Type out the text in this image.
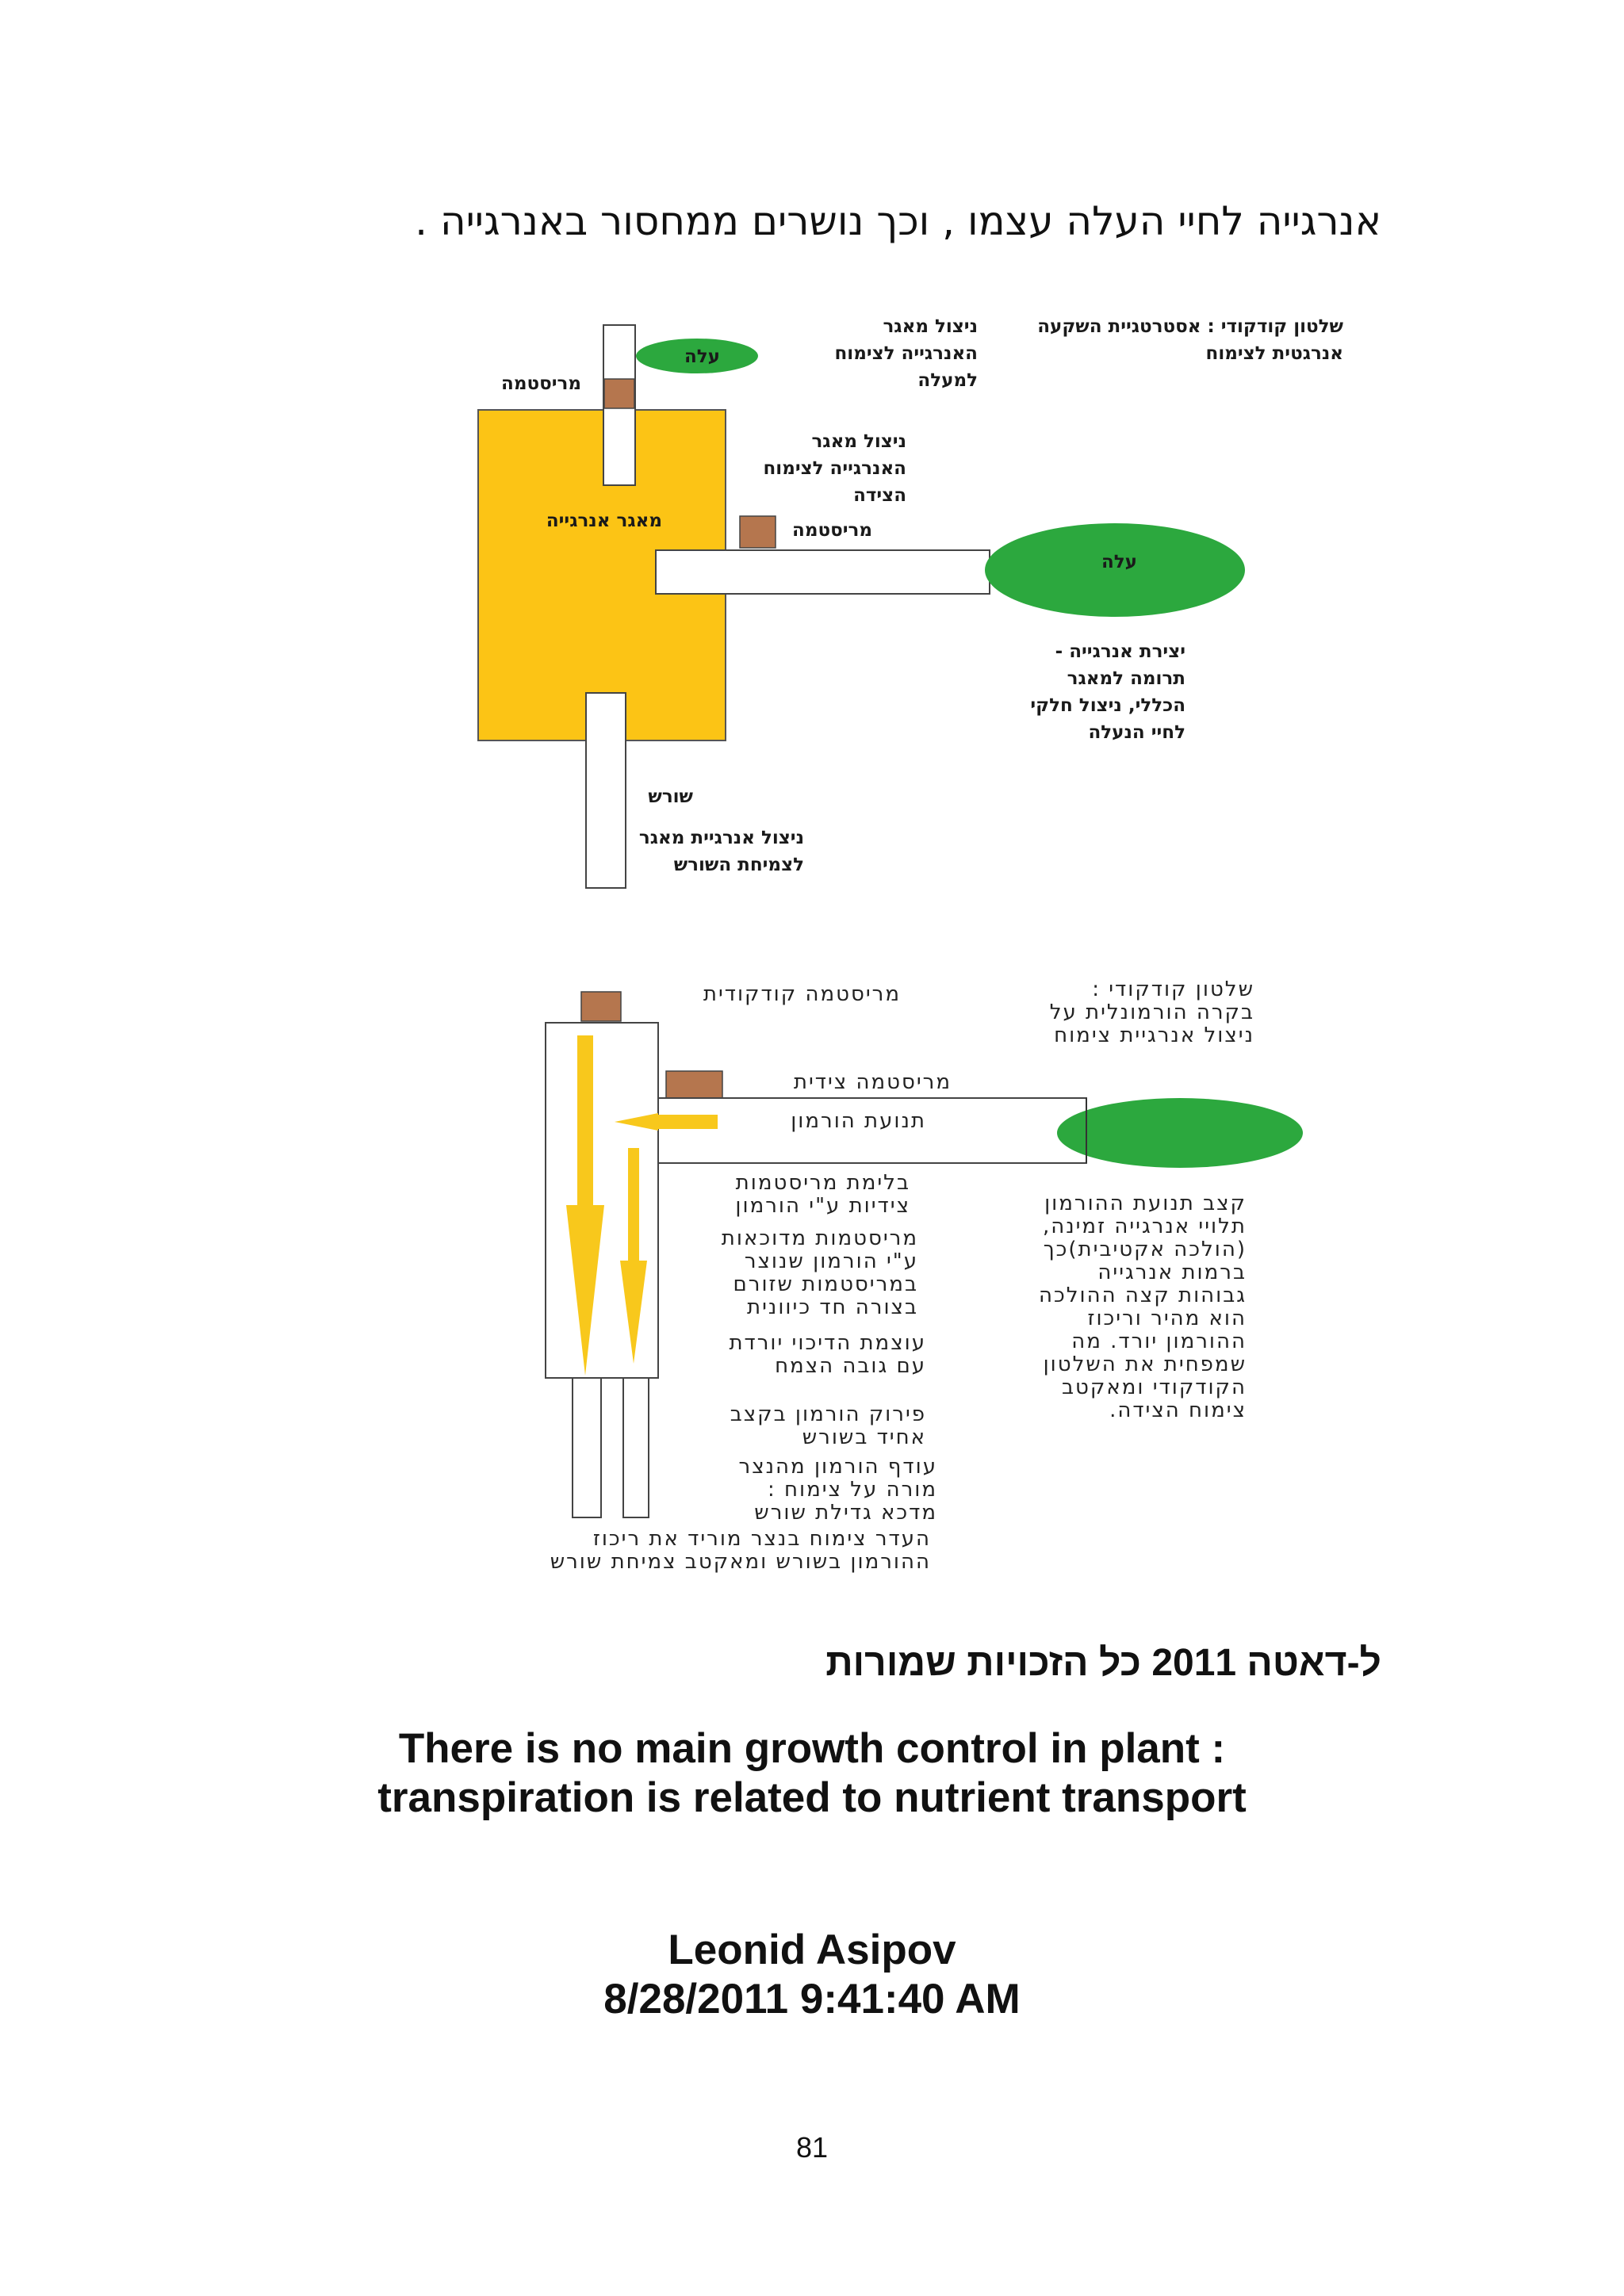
אנרגייה לחיי העלה עצמו , וכך נושרים ממחסור באנרגייה .
עלה
מריסטמה
מאגר אנרגייה	מריסטמה
עלה
שורש
ניצול מאגר
האנרגייה לצימוח
למעלה
שלטון קודקודי : אסטרטגיית השקעה
אנרגטית לצימוח
ניצול מאגר
האנרגייה לצימוח
הצידה
יצירת אנרגייה -
תרומה למאגר
הכללי, ניצול חלקי
לחיי הנעלה
ניצול אנרגיית מאגר
לצמיחת השורש
מריסטמה קודקודית	שלטון קודקודי :
בקרה הורמונלית על
ניצול אנרגיית צימוח
מריסטמה צידית
תנועת הורמון
בלימת מריסטמות
צידיות ע"י הורמון
מריסטמות מדוכאות
ע"י הורמון שנוצר
במריסטמות שזורם
בצורה חד כיוונית
עוצמת הדיכוי יורדת
עם גובה הצמח
קצב תנועת ההורמון
תלויי אנרגייה זמינה,
(הולכה אקטיבית)כך
ברמות אנרגייה
גבוהות קצה ההולכה
הוא מהיר וריכוז
ההורמון יורד. מה
שמפחית את השלטון
הקודקודי ומאקטב
צימוח הצידה.
פירוק הורמון בקצב
אחיד בשורש
עודף הורמון מהנצר
מורה על צימוח :
מדכא גדילת שורש
העדר צימוח בנצר מוריד את ריכוז
ההורמון בשורש ומאקטב צמיחת שורש
ל-דאטה 2011 כל הזכויות שמורות
There is no main growth control in plant :
transpiration is related to nutrient transport
Leonid Asipov
8/28/2011 9:41:40 AM
81
